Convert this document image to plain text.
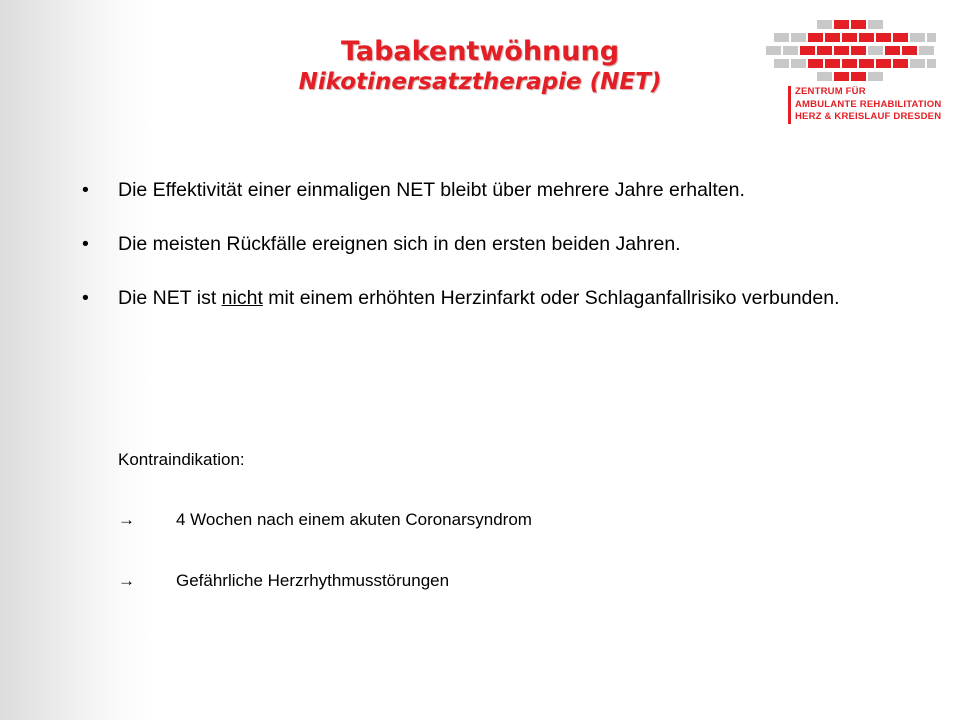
Tabakentwöhnung
Nikotinersatztherapie (NET)	ZENTRUM FÜR
AMBULANTE REHABILITATION
HERZ & KREISLAUF DRESDEN
• Die Effektivität einer einmaligen NET bleibt über mehrere Jahre erhalten.
• Die meisten Rückfälle ereignen sich in den ersten beiden Jahren.
• Die NET ist nicht mit einem erhöhten Herzinfarkt oder Schlaganfallrisiko verbunden.
Kontraindikation:
→ 4 Wochen nach einem akuten Coronarsyndrom
→ Gefährliche Herzrhythmusstörungen
